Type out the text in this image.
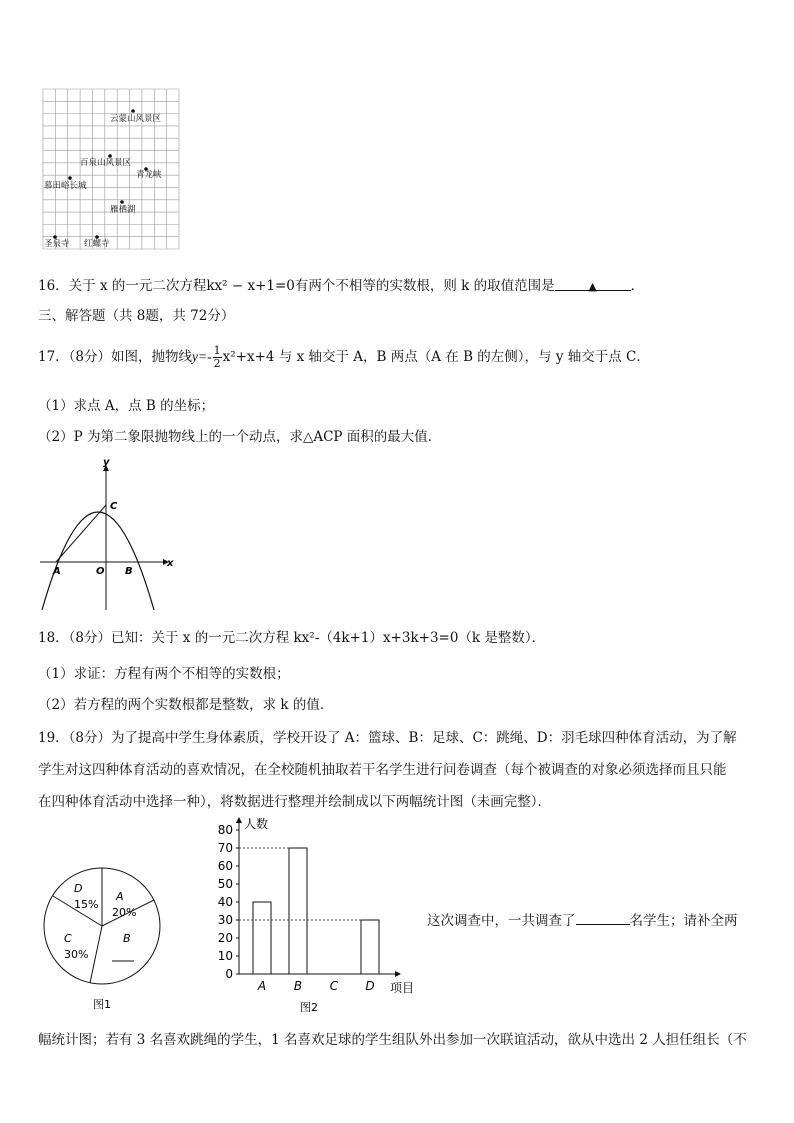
云蒙山风景区
百泉山风景区
青龙峡
慕田峪长城
雁栖湖
圣泉寺 红螺寺
16．关于 x 的一元二次方程kx² − x+1=0有两个不相等的实数根，则 k 的取值范围是	▲	．
三、解答题（共 8题，共 72分）
17．（8分）如图，抛物线$y=- \frac{1}{2} x^2+x+4$ 与 x 轴交于 A，B 两点（A 在 B 的左侧），与 y 轴交于点 C．
（1）求点 A，点 B 的坐标；
（2）P 为第二象限抛物线上的一个动点，求△ACP 面积的最大值．
y
x
C
A	O B
18．（8分）已知：关于 x 的一元二次方程 kx²-（4k+1）x+3k+3=0（k 是整数）．
（1）求证：方程有两个不相等的实数根；
（2）若方程的两个实数根都是整数，求 k 的值．
19．（8分）为了提高中学生身体素质，学校开设了 A：篮球、B：足球、C：跳绳、D：羽毛球四种体育活动，为了解
学生对这四种体育活动的喜欢情况，在全校随机抽取若干名学生进行问卷调查（每个被调查的对象必须选择而且只能
在四种体育活动中选择一种），将数据进行整理并绘制成以下两幅统计图（未画完整）．
A
20%
B
C
30%
D
15%
图1
人数
项目
图2
0
10
20
30
40
50
60
70
80
A B C D
这次调查中，一共调查了	名学生；请补全两
幅统计图；若有 3 名喜欢跳绳的学生，1 名喜欢足球的学生组队外出参加一次联谊活动，欲从中选出 2 人担任组长（不
